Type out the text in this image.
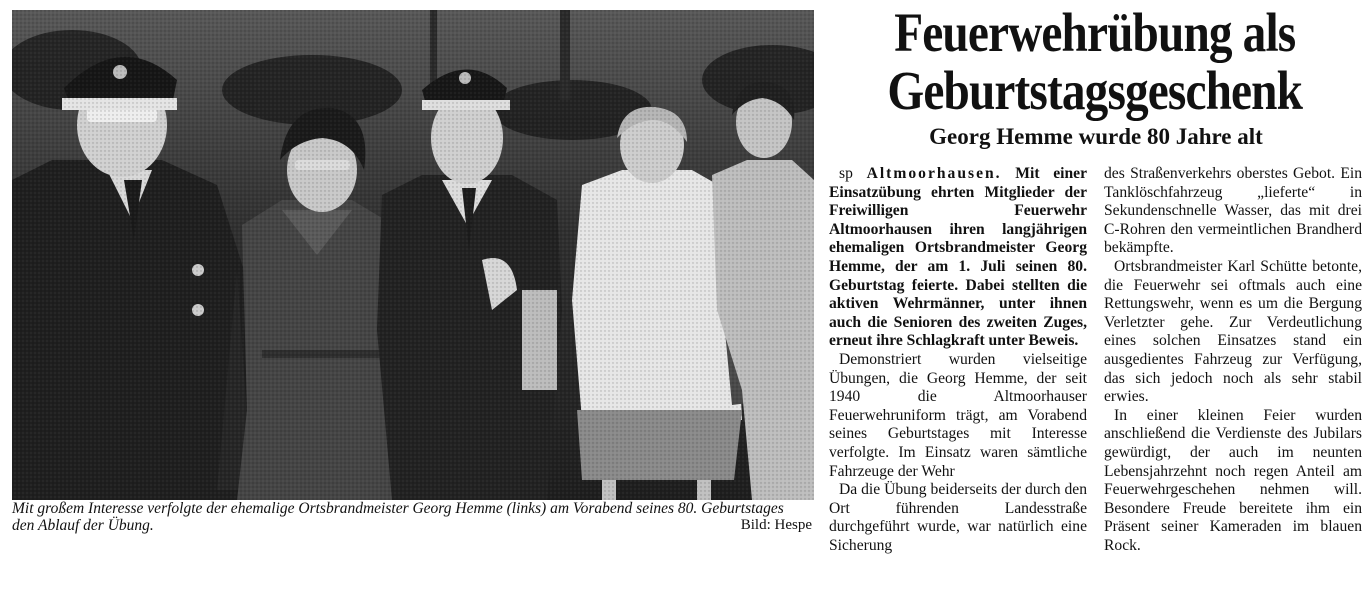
Mit großem Interesse verfolgte der ehemalige Ortsbrandmeister Georg Hemme (links) am Vorabend seines 80. Geburtstages den Ablauf der Übung.	Bild: Hespe
Feuerwehrübung als
Geburtstagsgeschenk
Georg Hemme wurde 80 Jahre alt

sp Altmoorhausen. Mit einer Einsatzübung ehrten Mitglieder der Freiwilligen Feuerwehr Altmoorhausen ihren langjährigen ehemaligen Ortsbrandmeister Georg Hemme, der am 1. Juli seinen 80. Geburtstag feierte. Dabei stellten die aktiven Wehrmänner, unter ihnen auch die Senioren des zweiten Zuges, erneut ihre Schlagkraft unter Beweis.

Demonstriert wurden vielseitige Übungen, die Georg Hemme, der seit 1940 die Altmoorhauser Feuerwehruniform trägt, am Vorabend seines Geburtstages mit Interesse verfolgte. Im Einsatz waren sämtliche Fahrzeuge der Wehr

Da die Übung beiderseits der durch den Ort führenden Landesstraße durchgeführt wurde, war natürlich eine Sicherung

des Straßenverkehrs oberstes Gebot. Ein Tanklöschfahrzeug „lieferte“ in Sekundenschnelle Wasser, das mit drei C-Rohren den vermeintlichen Brandherd bekämpfte.

Ortsbrandmeister Karl Schütte betonte, die Feuerwehr sei oftmals auch eine Rettungswehr, wenn es um die Bergung Verletzter gehe. Zur Verdeutlichung eines solchen Einsatzes stand ein ausgedientes Fahrzeug zur Verfügung, das sich jedoch noch als sehr stabil erwies.

In einer kleinen Feier wurden anschließend die Verdienste des Jubilars gewürdigt, der auch im neunten Lebensjahrzehnt noch regen Anteil am Feuerwehrgeschehen nehmen will. Besondere Freude bereitete ihm ein Präsent seiner Kameraden im blauen Rock.
